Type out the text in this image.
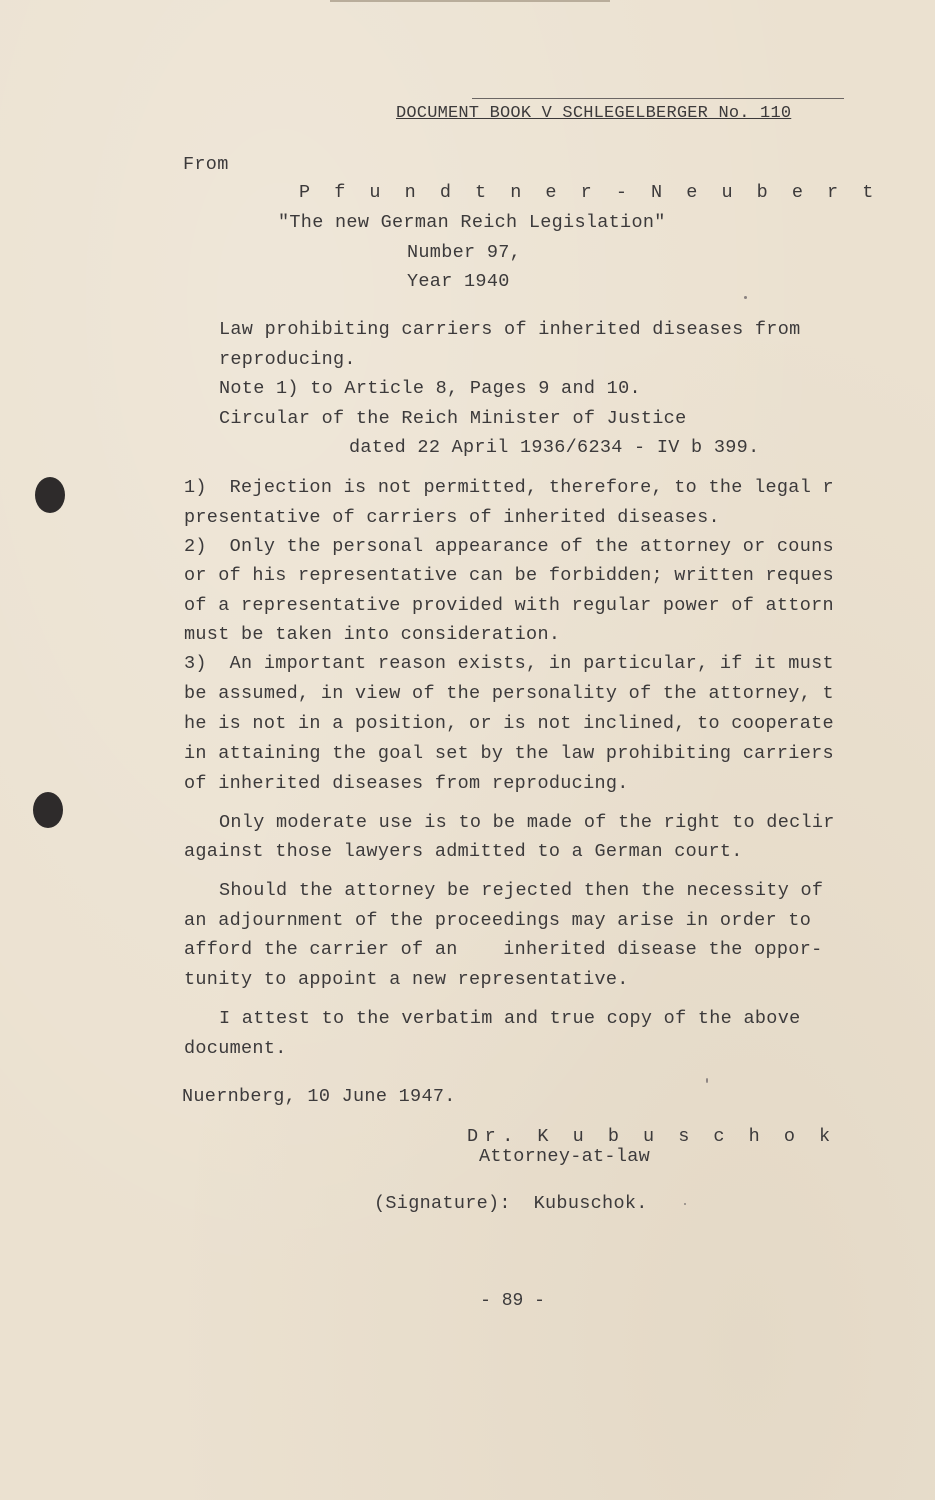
DOCUMENT BOOK V SCHLEGELBERGER No. 110

From

P f u n d t n e r - N e u b e r t

"The new German Reich Legislation"

Number 97,

Year 1940

Law prohibiting carriers of inherited diseases from

reproducing.

Note 1) to Article 8, Pages 9 and 10.

Circular of the Reich Minister of Justice

dated 22 April 1936/6234 - IV b 399.

1)  Rejection is not permitted, therefore, to the legal r

presentative of carriers of inherited diseases.

2)  Only the personal appearance of the attorney or couns

or of his representative can be forbidden; written reques

of a representative provided with regular power of attorn

must be taken into consideration.

3)  An important reason exists, in particular, if it must

be assumed, in view of the personality of the attorney, t

he is not in a position, or is not inclined, to cooperate

in attaining the goal set by the law prohibiting carriers

of inherited diseases from reproducing.

Only moderate use is to be made of the right to declir

against those lawyers admitted to a German court.

Should the attorney be rejected then the necessity of

an adjournment of the proceedings may arise in order to

afford the carrier of an    inherited disease the oppor-

tunity to appoint a new representative.

I attest to the verbatim and true copy of the above

document.

Nuernberg, 10 June 1947.

Dr. K u b u s c h o k

Attorney-at-law

(Signature):  Kubuschok.

- 89 -
